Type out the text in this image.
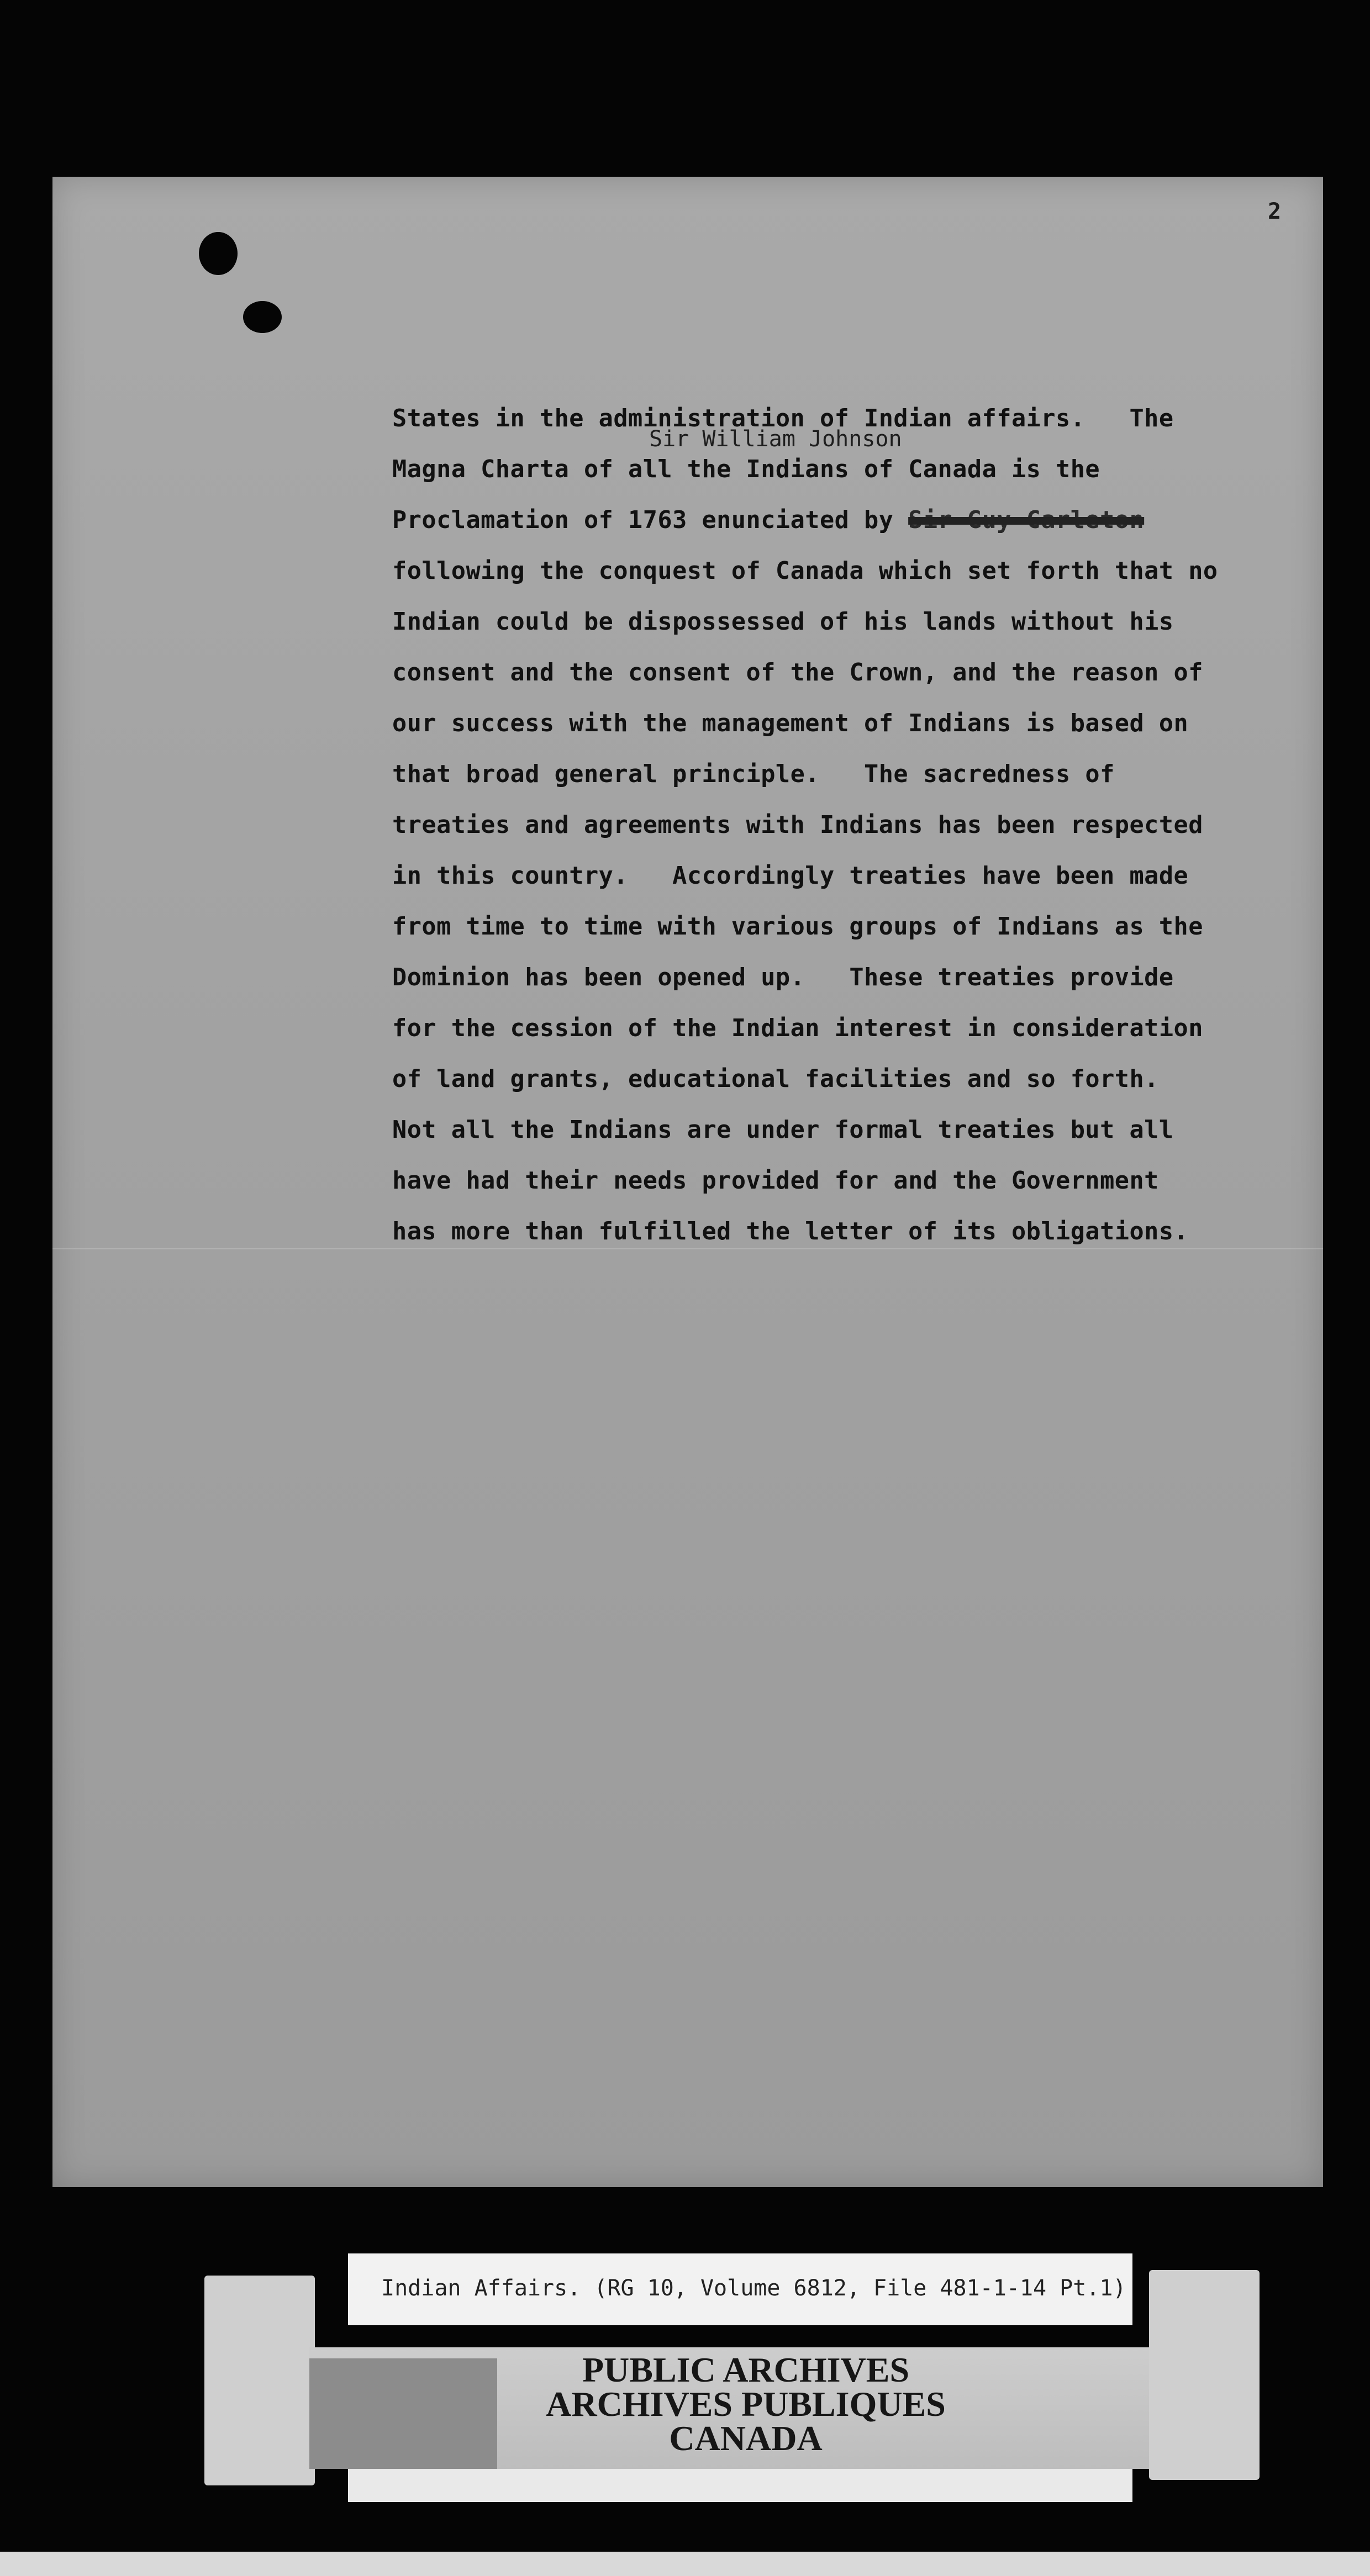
2
States in the administration of Indian affairs.   The
Magna Charta of all the Indians of Canada is the
Proclamation of 1763 enunciated by Sir Guy Carleton
following the conquest of Canada which set forth that no
Indian could be dispossessed of his lands without his
consent and the consent of the Crown, and the reason of
our success with the management of Indians is based on
that broad general principle.   The sacredness of
treaties and agreements with Indians has been respected
in this country.   Accordingly treaties have been made
from time to time with various groups of Indians as the
Dominion has been opened up.   These treaties provide
for the cession of the Indian interest in consideration
of land grants, educational facilities and so forth.
Not all the Indians are under formal treaties but all
have had their needs provided for and the Government
has more than fulfilled the letter of its obligations.
Sir William Johnson
Indian Affairs. (RG 10, Volume 6812, File 481-1-14 Pt.1)
PUBLIC ARCHIVES
ARCHIVES PUBLIQUES
CANADA
